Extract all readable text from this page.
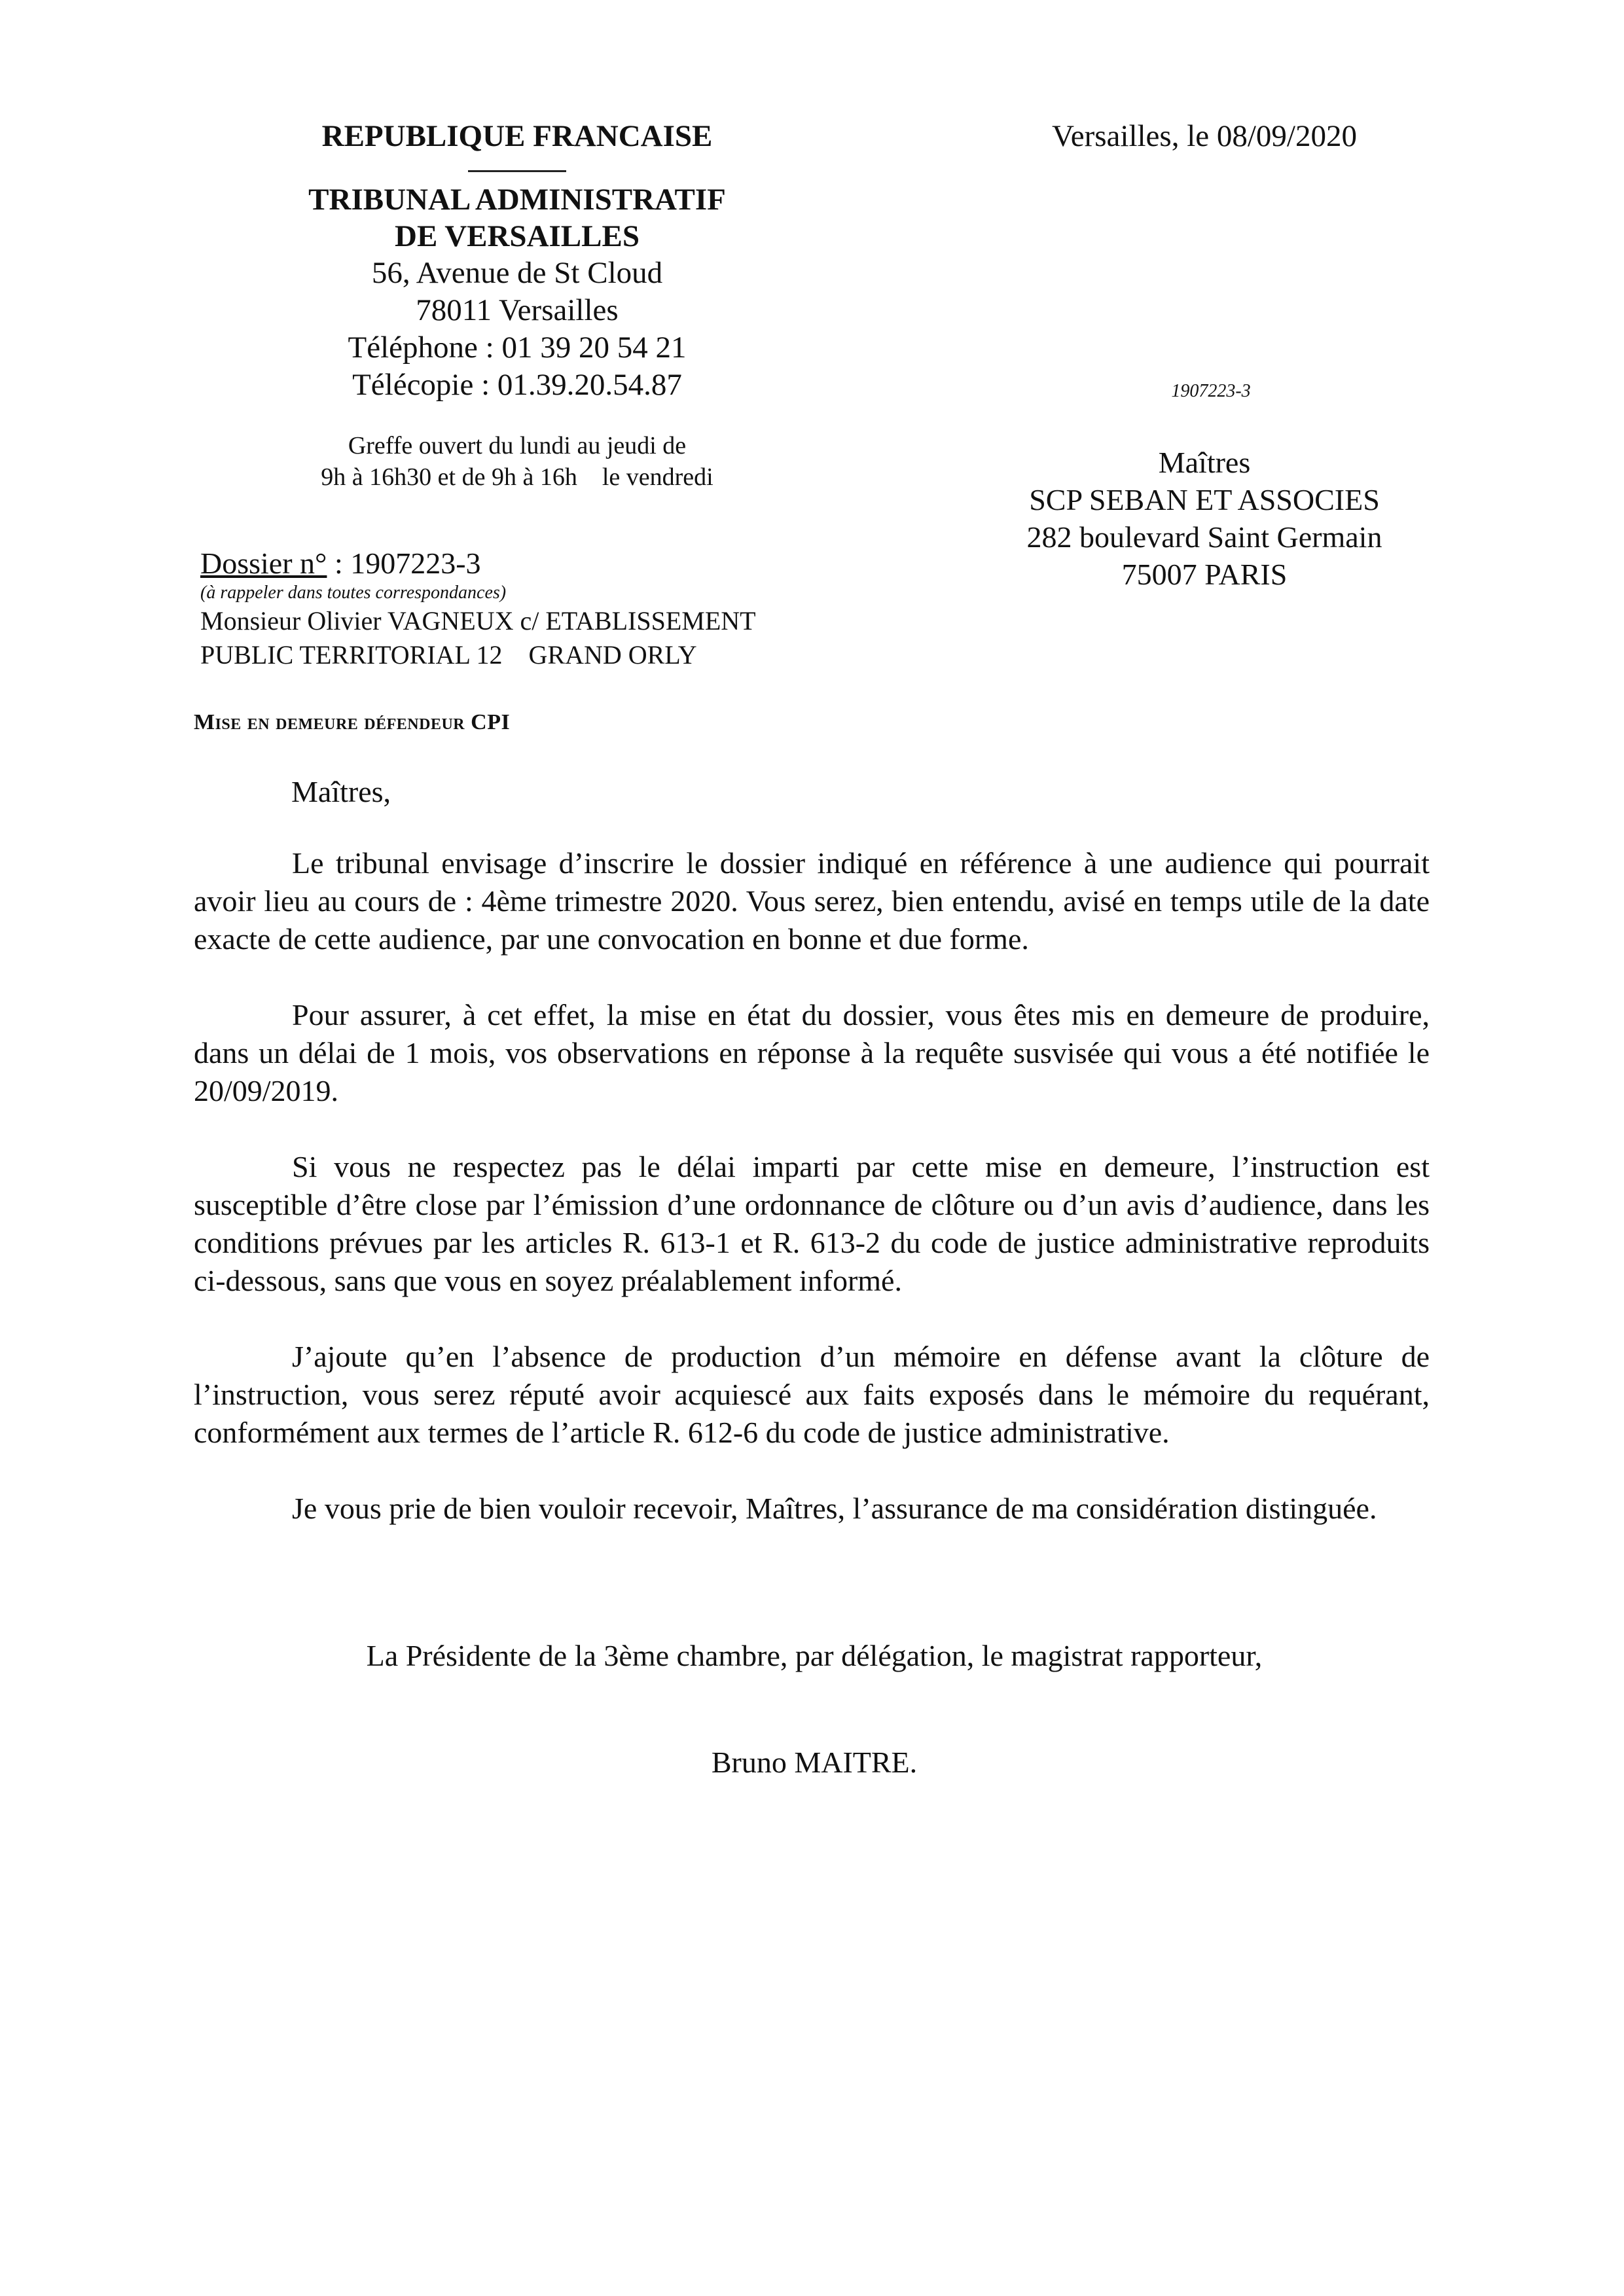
REPUBLIQUE FRANCAISE
TRIBUNAL ADMINISTRATIF
DE VERSAILLES
56, Avenue de St Cloud
78011 Versailles
Téléphone : 01 39 20 54 21
Télécopie : 01.39.20.54.87
Greffe ouvert du lundi au jeudi de
9h à 16h30 et de 9h à 16h    le vendredi
Dossier n° : 1907223-3
(à rappeler dans toutes correspondances)
Monsieur Olivier VAGNEUX c/ ETABLISSEMENT
PUBLIC TERRITORIAL 12    GRAND ORLY
Versailles, le 08/09/2020
1907223-3
Maîtres
SCP SEBAN ET ASSOCIES
282 boulevard Saint Germain
75007 PARIS
Mise en demeure défendeur CPI
Maîtres,

Le tribunal envisage d’inscrire le dossier indiqué en référence à une audience qui pourrait avoir lieu au cours de : 4ème trimestre 2020. Vous serez, bien entendu, avisé en temps utile de la date exacte de cette audience, par une convocation en bonne et due forme.

Pour assurer, à cet effet, la mise en état du dossier, vous êtes mis en demeure de produire, dans un délai de 1 mois, vos observations en réponse à la requête susvisée qui vous a été notifiée le 20/09/2019.

Si vous ne respectez pas le délai imparti par cette mise en demeure, l’instruction est susceptible d’être close par l’émission d’une ordonnance de clôture ou d’un avis d’audience, dans les conditions prévues par les articles R. 613-1 et R. 613-2 du code de justice administrative reproduits ci-dessous, sans que vous en soyez préalablement informé.

J’ajoute qu’en l’absence de production d’un mémoire en défense avant la clôture de l’instruction, vous serez réputé avoir acquiescé aux faits exposés dans le mémoire du requérant, conformément aux termes de l’article R. 612-6 du code de justice administrative.

Je vous prie de bien vouloir recevoir, Maîtres, l’assurance de ma considération distinguée.

La Présidente de la 3ème chambre, par délégation, le magistrat rapporteur,
Bruno MAITRE.
